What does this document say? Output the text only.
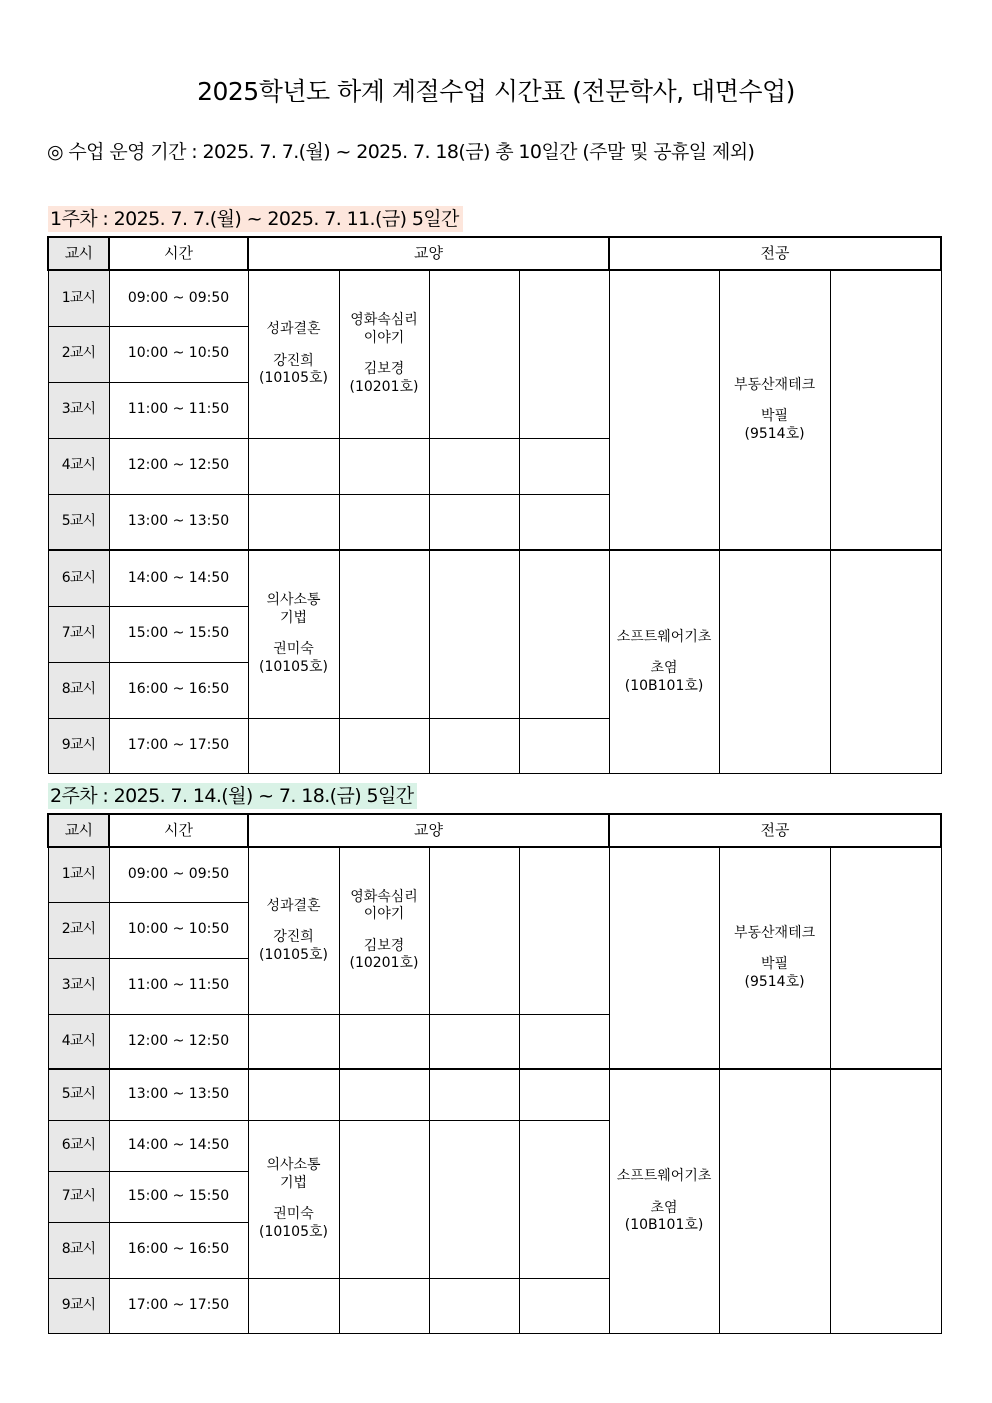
2025학년도 하계 계절수업 시간표 (전문학사, 대면수업)
◎ 수업 운영 기간 : 2025. 7. 7.(월) ~ 2025. 7. 18(금) 총 10일간 (주말 및 공휴일 제외)
1주차 : 2025. 7. 7.(월) ~ 2025. 7. 11.(금) 5일간
교시	시간	교양				전공		
1교시	09:00 ~ 09:50	성과결혼
강진희
(10105호)	영화속심리
이야기
김보경
(10201호)				부동산재테크
박필
(9514호)	

2교시	10:00 ~ 10:50							
3교시	11:00 ~ 11:50							
4교시	12:00 ~ 12:50							
5교시	13:00 ~ 13:50							
6교시	14:00 ~ 14:50	의사소통
기법
권미숙
(10105호)				소프트웨어기초
초염
(10B101호)		

7교시	15:00 ~ 15:50							
8교시	16:00 ~ 16:50							
9교시	17:00 ~ 17:50							
2주차 : 2025. 7. 14.(월) ~ 7. 18.(금) 5일간
교시	시간	교양				전공		
1교시	09:00 ~ 09:50	성과결혼
강진희
(10105호)	영화속심리
이야기
김보경
(10201호)				부동산재테크
박필
(9514호)	

2교시	10:00 ~ 10:50							
3교시	11:00 ~ 11:50							
4교시	12:00 ~ 12:50							
5교시	13:00 ~ 13:50					소프트웨어기초
초염
(10B101호)		

6교시	14:00 ~ 14:50	의사소통
기법
권미숙
(10105호)						

7교시	15:00 ~ 15:50							
8교시	16:00 ~ 16:50							
9교시	17:00 ~ 17:50							
